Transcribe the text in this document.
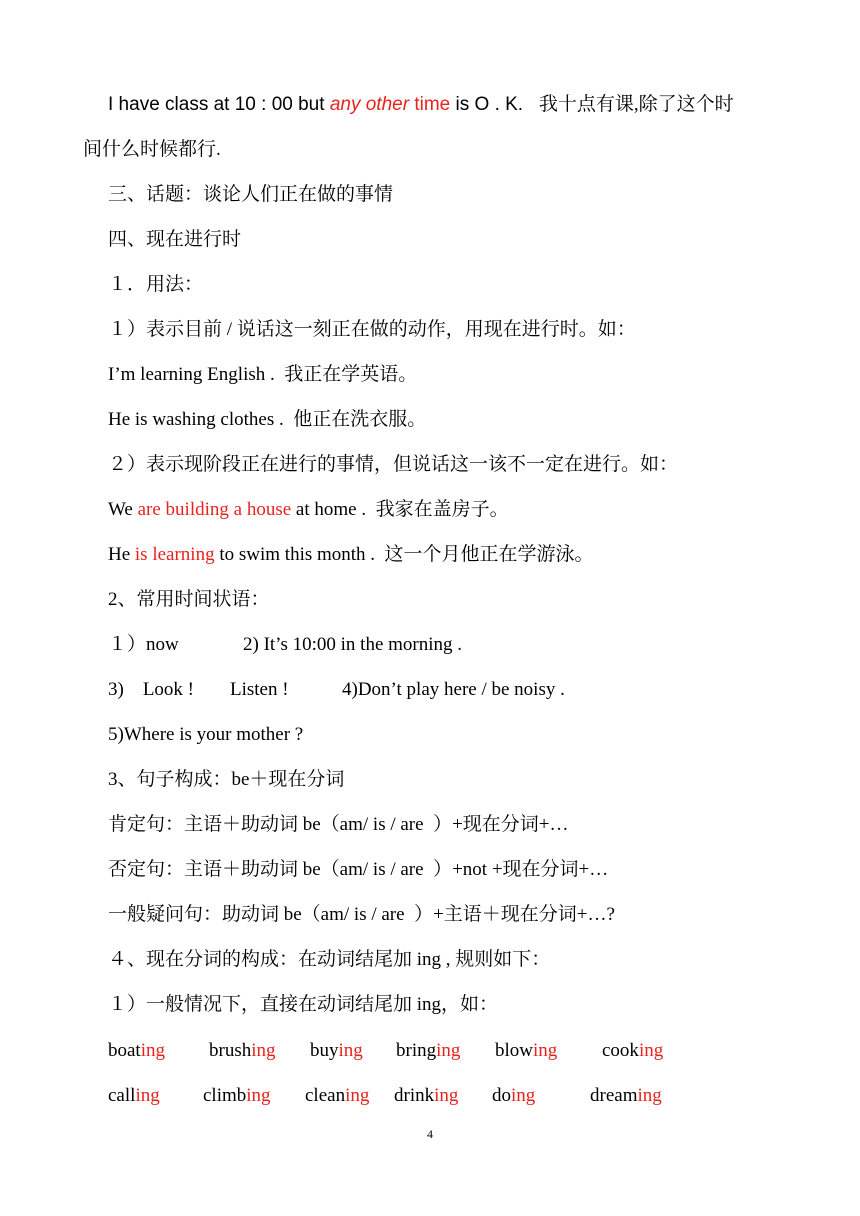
I have class at 10 : 00 but any other time is O . K.   我十点有课,除了这个时
间什么时候都行.
三、话题：谈论人们正在做的事情
四、现在进行时
１．用法：
１）表示目前 / 说话这一刻正在做的动作，用现在进行时。如：
I’m learning English .  我正在学英语。
He is washing clothes .  他正在洗衣服。
２）表示现阶段正在进行的事情，但说话这一该不一定在进行。如：
We are building a house at home .  我家在盖房子。
He is learning to swim this month .  这一个月他正在学游泳。
2、常用时间状语：
１）now	2) It’s 10:00 in the morning .
3)    Look ! Listen !	4)Don’t play here / be noisy .
5)Where is your mother ?
3、句子构成：be＋现在分词
肯定句：主语＋助动词 be（am/ is / are  ）+现在分词+…
否定句：主语＋助动词 be（am/ is / are  ）+not +现在分词+…
一般疑问句：助动词 be（am/ is / are  ）+主语＋现在分词+…?
４、现在分词的构成：在动词结尾加 ing , 规则如下：
１）一般情况下，直接在动词结尾加 ing，如：
boating brushing buying bringing blowing cooking
calling climbing cleaning drinking doing	dreaming
4
